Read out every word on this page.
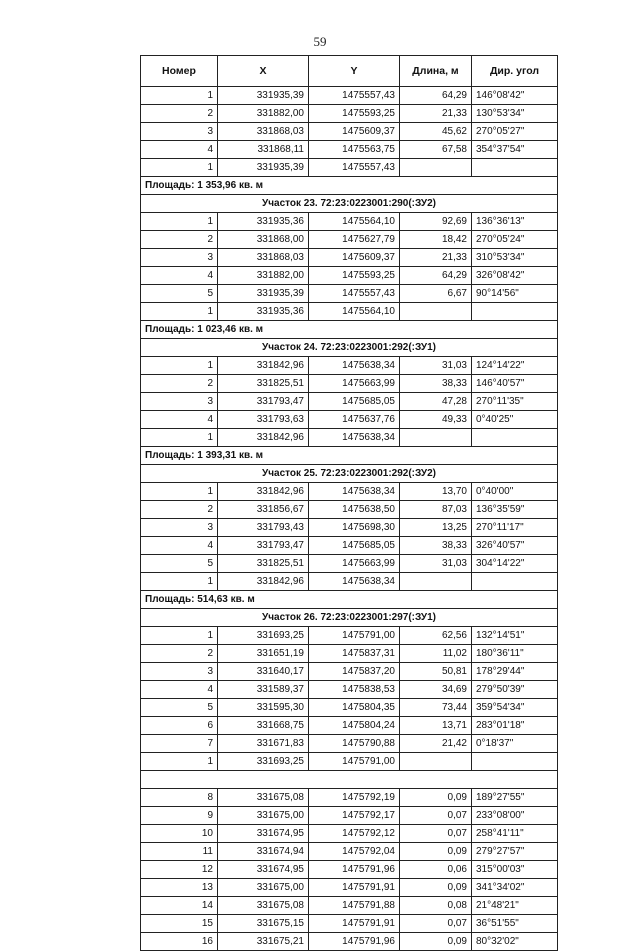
59
Номер	X	Y	Длина, м	Дир. угол
1	331935,39	1475557,43	64,29	146°08'42"
2	331882,00	1475593,25	21,33	130°53'34"
3	331868,03	1475609,37	45,62	270°05'27"
4	331868,11	1475563,75	67,58	354°37'54"
1	331935,39	1475557,43		
Площадь: 1 353,96 кв. м				
Участок 23. 72:23:0223001:290(:ЗУ2)				
1	331935,36	1475564,10	92,69	136°36'13"
2	331868,00	1475627,79	18,42	270°05'24"
3	331868,03	1475609,37	21,33	310°53'34"
4	331882,00	1475593,25	64,29	326°08'42"
5	331935,39	1475557,43	6,67	90°14'56"
1	331935,36	1475564,10		
Площадь: 1 023,46 кв. м				
Участок 24. 72:23:0223001:292(:ЗУ1)				
1	331842,96	1475638,34	31,03	124°14'22"
2	331825,51	1475663,99	38,33	146°40'57"
3	331793,47	1475685,05	47,28	270°11'35"
4	331793,63	1475637,76	49,33	0°40'25"
1	331842,96	1475638,34		
Площадь: 1 393,31 кв. м				
Участок 25. 72:23:0223001:292(:ЗУ2)				
1	331842,96	1475638,34	13,70	0°40'00"
2	331856,67	1475638,50	87,03	136°35'59"
3	331793,43	1475698,30	13,25	270°11'17"
4	331793,47	1475685,05	38,33	326°40'57"
5	331825,51	1475663,99	31,03	304°14'22"
1	331842,96	1475638,34		
Площадь: 514,63 кв. м				
Участок 26. 72:23:0223001:297(:ЗУ1)				
1	331693,25	1475791,00	62,56	132°14'51"
2	331651,19	1475837,31	11,02	180°36'11"
3	331640,17	1475837,20	50,81	178°29'44"
4	331589,37	1475838,53	34,69	279°50'39"
5	331595,30	1475804,35	73,44	359°54'34"
6	331668,75	1475804,24	13,71	283°01'18"
7	331671,83	1475790,88	21,42	0°18'37"
1	331693,25	1475791,00		

8	331675,08	1475792,19	0,09	189°27'55"
9	331675,00	1475792,17	0,07	233°08'00"
10	331674,95	1475792,12	0,07	258°41'11"
11	331674,94	1475792,04	0,09	279°27'57"
12	331674,95	1475791,96	0,06	315°00'03"
13	331675,00	1475791,91	0,09	341°34'02"
14	331675,08	1475791,88	0,08	21°48'21"
15	331675,15	1475791,91	0,07	36°51'55"
16	331675,21	1475791,96	0,09	80°32'02"
